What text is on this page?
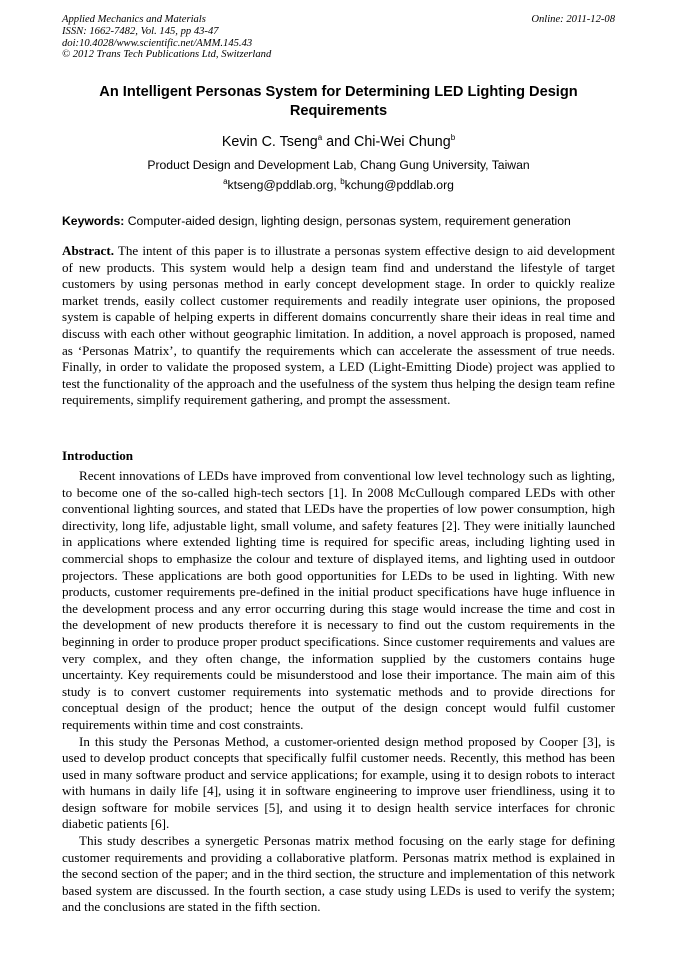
Applied Mechanics and Materials
ISSN: 1662-7482, Vol. 145, pp 43-47
doi:10.4028/www.scientific.net/AMM.145.43
© 2012 Trans Tech Publications Ltd, Switzerland
Online: 2011-12-08
An Intelligent Personas System for Determining LED Lighting Design Requirements
Kevin C. Tseng$^a$ and Chi-Wei Chung$^b$
Product Design and Development Lab, Chang Gung University, Taiwan
$^a$ktseng@pddlab.org, $^b$kchung@pddlab.org
Keywords: Computer-aided design, lighting design, personas system, requirement generation
Abstract. The intent of this paper is to illustrate a personas system effective design to aid development of new products. This system would help a design team find and understand the lifestyle of target customers by using personas method in early concept development stage. In order to quickly realize market trends, easily collect customer requirements and readily integrate user opinions, the proposed system is capable of helping experts in different domains concurrently share their ideas in real time and discuss with each other without geographic limitation. In addition, a novel approach is proposed, named as ‘Personas Matrix’, to quantify the requirements which can accelerate the assessment of true needs. Finally, in order to validate the proposed system, a LED (Light-Emitting Diode) project was applied to test the functionality of the approach and the usefulness of the system thus helping the design team refine requirements, simplify requirement gathering, and prompt the assessment.
Introduction

Recent innovations of LEDs have improved from conventional low level technology such as lighting, to become one of the so-called high-tech sectors [1]. In 2008 McCullough compared LEDs with other conventional lighting sources, and stated that LEDs have the properties of low power consumption, high directivity, long life, adjustable light, small volume, and safety features [2]. They were initially launched in applications where extended lighting time is required for specific areas, including lighting used in commercial shops to emphasize the colour and texture of displayed items, and lighting used in outdoor projectors. These applications are both good opportunities for LEDs to be used in lighting. With new products, customer requirements pre-defined in the initial product specifications have huge influence in the development process and any error occurring during this stage would increase the time and cost in the development of new products therefore it is necessary to find out the custom requirements in the beginning in order to produce proper product specifications. Since customer requirements and values are very complex, and they often change, the information supplied by the customers contains huge uncertainty. Key requirements could be misunderstood and lose their importance. The main aim of this study is to convert customer requirements into systematic methods and to provide directions for conceptual design of the product; hence the output of the design concept would fulfil customer requirements within time and cost constraints.

In this study the Personas Method, a customer-oriented design method proposed by Cooper [3], is used to develop product concepts that specifically fulfil customer needs. Recently, this method has been used in many software product and service applications; for example, using it to design robots to interact with humans in daily life [4], using it in software engineering to improve user friendliness, using it to design software for mobile services [5], and using it to design health service interfaces for chronic diabetic patients [6].

This study describes a synergetic Personas matrix method focusing on the early stage for defining customer requirements and providing a collaborative platform. Personas matrix method is explained in the second section of the paper; and in the third section, the structure and implementation of this network based system are discussed. In the fourth section, a case study using LEDs is used to verify the system; and the conclusions are stated in the fifth section.
